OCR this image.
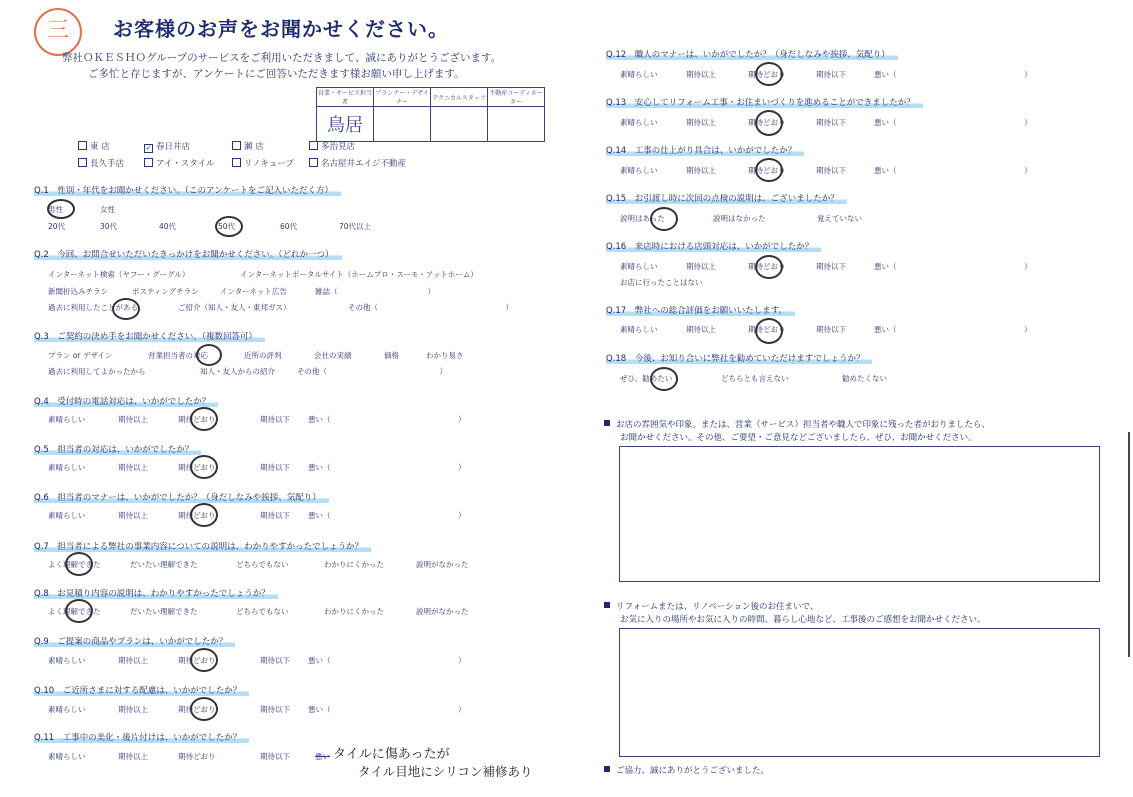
三	お客様のお声をお聞かせください。
弊社ＯＫＥＳＨＯグループのサービスをご利用いただきまして、誠にありがとうございます。
ご多忙と存じますが、アンケートにご回答いただきます様お願い申し上げます。
営業・サービス担当者	プランナー・デザイナー	テクニカルスタッフ	不動産コーディネーター
鳥居			
東 店	✓ 春日井店	瀬 店	多治見店
長久手店	アイ・スタイル	リノキューブ	名古屋井エイジ不動産
Q.1　性別・年代をお聞かせください。（このアンケートをご記入いただく方）
男性	女性
20代	30代	40代	50代	60代	70代以上
Q.2　今回、お問合せいただいたきっかけをお聞かせください。（どれか一つ）
インターネット検索（ヤフー・グーグル）	インターネットポータルサイト（ホームプロ・スーモ・アットホーム）
新聞折込みチラシ	ポスティングチラシ	インターネット広告	雑誌（　　　　　　　　　　　　）
過去に利用したことがある	ご紹介（知人・友人・東邦ガス）	その他（　　　　　　　　　　　　　　　　　）
Q.3　ご契約の決め手をお聞かせください。（複数回答可）
プラン or デザイン	営業担当者の対応	近所の評判	会社の実績	価格	わかり易さ
過去に利用してよかったから	知人・友人からの紹介	その他（　　　　　　　　　　　　　　　）
Q.4　受付時の電話対応は、いかがでしたか？
素晴らしい	期待以上	期待どおり	期待以下 悪い（　　　　　　　　　　　　　　　　　）
Q.5　担当者の対応は、いかがでしたか？
素晴らしい	期待以上	期待どおり	期待以下 悪い（　　　　　　　　　　　　　　　　　）
Q.6　担当者のマナーは、いかがでしたか？（身だしなみや挨拶、気配り）
素晴らしい	期待以上	期待どおり	期待以下 悪い（　　　　　　　　　　　　　　　　　）
Q.7　担当者による弊社の事業内容についての説明は、わかりやすかったでしょうか？
よく理解できた	だいたい理解できた	どちらでもない	わかりにくかった	説明がなかった
Q.8　お見積り内容の説明は、わかりやすかったでしょうか？
よく理解できた	だいたい理解できた	どちらでもない	わかりにくかった	説明がなかった
Q.9　ご提案の商品やプランは、いかがでしたか？
素晴らしい	期待以上	期待どおり	期待以下 悪い（　　　　　　　　　　　　　　　　　）
Q.10　ご近所さまに対する配慮は、いかがでしたか？
素晴らしい	期待以上	期待どおり	期待以下 悪い（　　　　　　　　　　　　　　　　　）
Q.11　工事中の美化・後片付けは、いかがでしたか？
素晴らしい	期待以上	期待どおり	期待以下	悪い タイルに傷あったが
タイル目地にシリコン補修あり
Q.12　職人のマナーは、いかがでしたか？（身だしなみや挨拶、気配り）
素晴らしい	期待以上	期待どおり	期待以下	悪い（　　　　　　　　　　　　　　　　　）
Q.13　安心してリフォーム工事・お住まいづくりを進めることができましたか？
素晴らしい	期待以上	期待どおり	期待以下	悪い（　　　　　　　　　　　　　　　　　）
Q.14　工事の仕上がり具合は、いかがでしたか？
素晴らしい	期待以上	期待どおり	期待以下	悪い（　　　　　　　　　　　　　　　　　）
Q.15　お引渡し時に次回の点検の説明は、ございましたか？
説明はあった	説明はなかった	覚えていない
Q.16　来店時における店頭対応は、いかがでしたか？
素晴らしい	期待以上	期待どおり	期待以下	悪い（　　　　　　　　　　　　　　　　　）
お店に行ったことはない
Q.17　弊社への総合評価をお願いいたします。
素晴らしい	期待以上	期待どおり	期待以下	悪い（　　　　　　　　　　　　　　　　　）
Q.18　今後、お知り合いに弊社を勧めていただけますでしょうか？
ぜひ、勧めたい	どちらとも言えない	勧めたくない
お店の雰囲気や印象。または、営業（サービス）担当者や職人で印象に残った者がおりましたら、
お聞かせください。その他、ご要望・ご意見などございましたら、ぜひ、お聞かせください。
リフォームまたは、リノベーション後のお住まいで、
お気に入りの場所やお気に入りの時間、暮らし心地など、工事後のご感想をお聞かせください。
ご協力、誠にありがとうございました。
